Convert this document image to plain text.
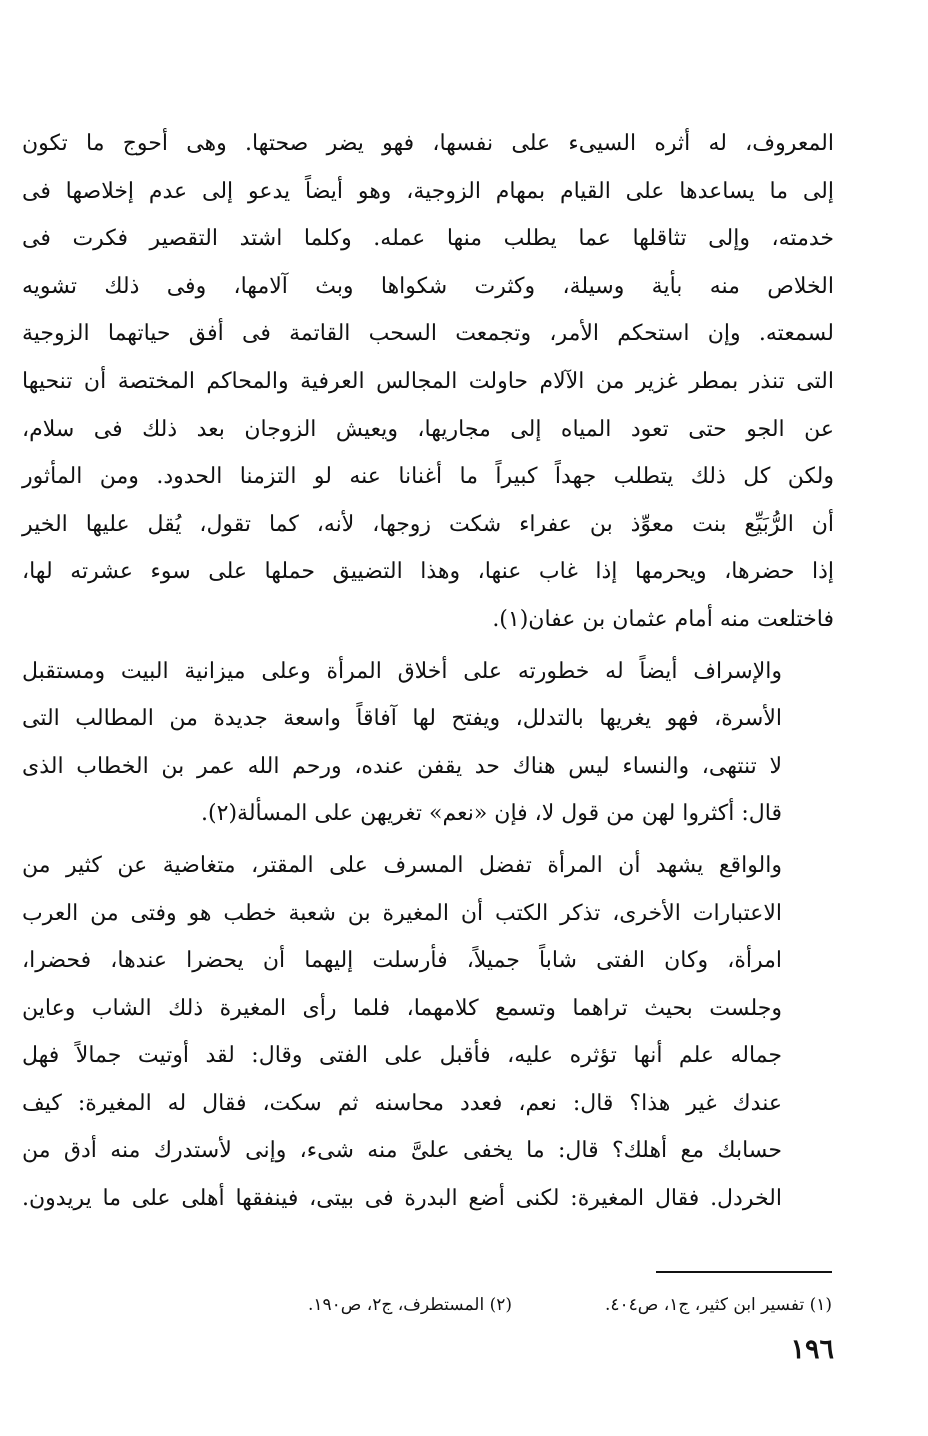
المعروف، له أثره السيىء على نفسها، فهو يضر صحتها. وهى أحوج ما تكون
إلى ما يساعدها على القيام بمهام الزوجية، وهو أيضاً يدعو إلى عدم إخلاصها فى
خدمته، وإلى تثاقلها عما يطلب منها عمله. وكلما اشتد التقصير فكرت فى
الخلاص منه بأية وسيلة، وكثرت شكواها وبث آلامها، وفى ذلك تشويه
لسمعته. وإن استحكم الأمر، وتجمعت السحب القاتمة فى أفق حياتهما الزوجية
التى تنذر بمطر غزير من الآلام حاولت المجالس العرفية والمحاكم المختصة أن تنحيها
عن الجو حتى تعود المياه إلى مجاريها، ويعيش الزوجان بعد ذلك فى سلام،
ولكن كل ذلك يتطلب جهداً كبيراً ما أغنانا عنه لو التزمنا الحدود. ومن المأثور
أن الرُّبَيِّع بنت معوِّذ بن عفراء شكت زوجها، لأنه، كما تقول، يُقل عليها الخير
إذا حضرها، ويحرمها إذا غاب عنها، وهذا التضييق حملها على سوء عشرته لها،
فاختلعت منه أمام عثمان بن عفان(١).

والإسراف أيضاً له خطورته على أخلاق المرأة وعلى ميزانية البيت ومستقبل
الأسرة، فهو يغريها بالتدلل، ويفتح لها آفاقاً واسعة جديدة من المطالب التى
لا تنتهى، والنساء ليس هناك حد يقفن عنده، ورحم الله عمر بن الخطاب الذى
قال: أكثروا لهن من قول لا، فإن «نعم» تغريهن على المسألة(٢).

والواقع يشهد أن المرأة تفضل المسرف على المقتر، متغاضية عن كثير من
الاعتبارات الأخرى، تذكر الكتب أن المغيرة بن شعبة خطب هو وفتى من العرب
امرأة، وكان الفتى شاباً جميلاً، فأرسلت إليهما أن يحضرا عندها، فحضرا،
وجلست بحيث تراهما وتسمع كلامهما، فلما رأى المغيرة ذلك الشاب وعاين
جماله علم أنها تؤثره عليه، فأقبل على الفتى وقال: لقد أوتيت جمالاً فهل
عندك غير هذا؟ قال: نعم، فعدد محاسنه ثم سكت، فقال له المغيرة: كيف
حسابك مع أهلك؟ قال: ما يخفى علىَّ منه شىء، وإنى لأستدرك منه أدق من
الخردل. فقال المغيرة: لكنى أضع البدرة فى بيتى، فينفقها أهلى على ما يريدون.

(١) تفسير ابن كثير، ج١، ص٤٠٤.
(٢) المستطرف، ج٢، ص١٩٠.
١٩٦
